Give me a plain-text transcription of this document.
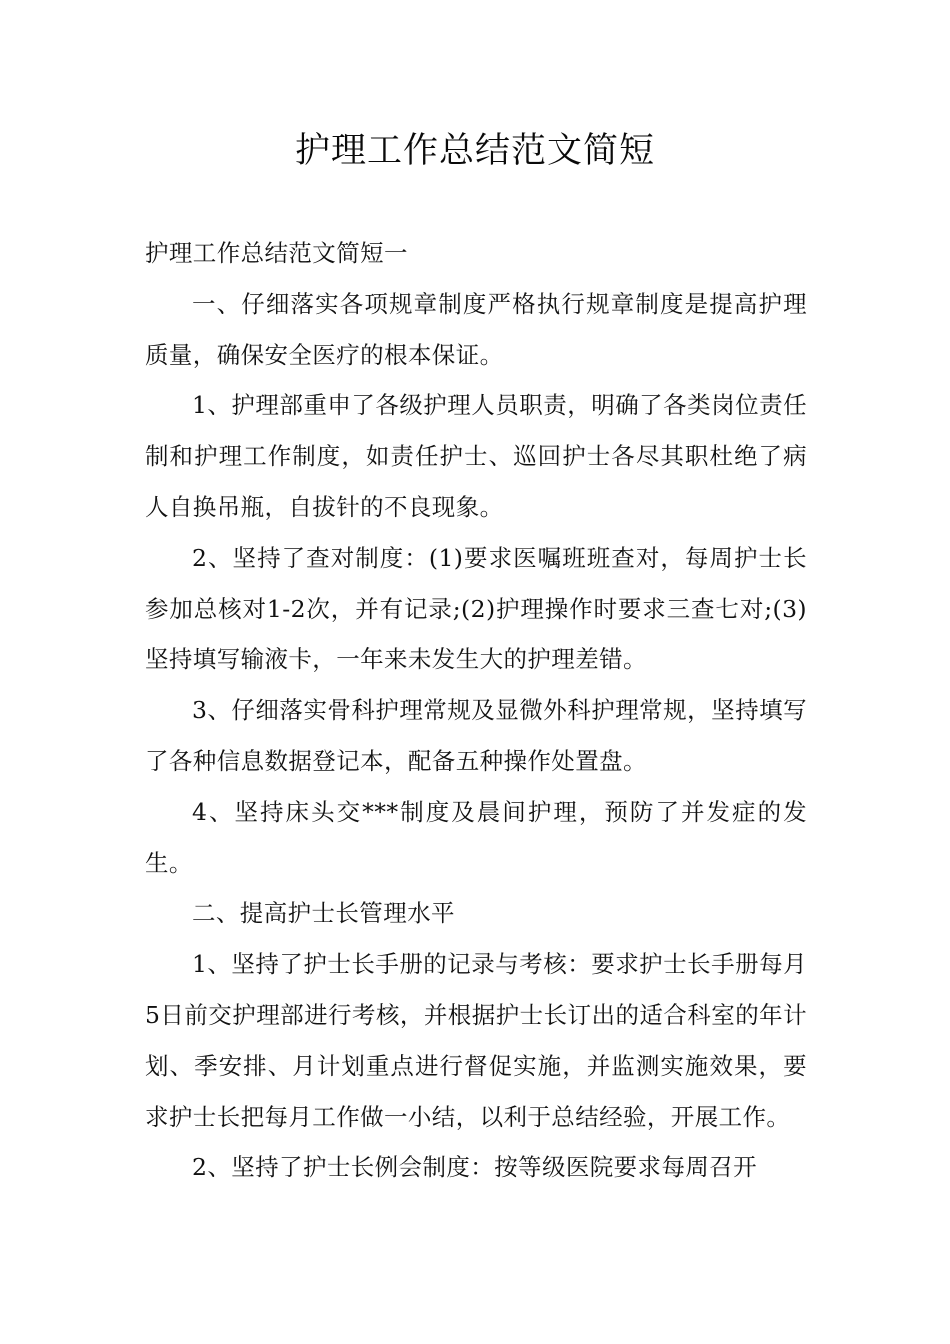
护理工作总结范文简短

护理工作总结范文简短一

一、仔细落实各项规章制度严格执行规章制度是提高护理质量，确保安全医疗的根本保证。

1、护理部重申了各级护理人员职责，明确了各类岗位责任制和护理工作制度，如责任护士、巡回护士各尽其职杜绝了病人自换吊瓶，自拔针的不良现象。

2、坚持了查对制度：(1)要求医嘱班班查对，每周护士长参加总核对1-2次，并有记录;(2)护理操作时要求三查七对;(3)坚持填写输液卡，一年来未发生大的护理差错。

3、仔细落实骨科护理常规及显微外科护理常规，坚持填写了各种信息数据登记本，配备五种操作处置盘。

4、坚持床头交***制度及晨间护理，预防了并发症的发生。

二、提高护士长管理水平

1、坚持了护士长手册的记录与考核：要求护士长手册每月5日前交护理部进行考核，并根据护士长订出的适合科室的年计划、季安排、月计划重点进行督促实施，并监测实施效果，要求护士长把每月工作做一小结，以利于总结经验，开展工作。

2、坚持了护士长例会制度：按等级医院要求每周召开
